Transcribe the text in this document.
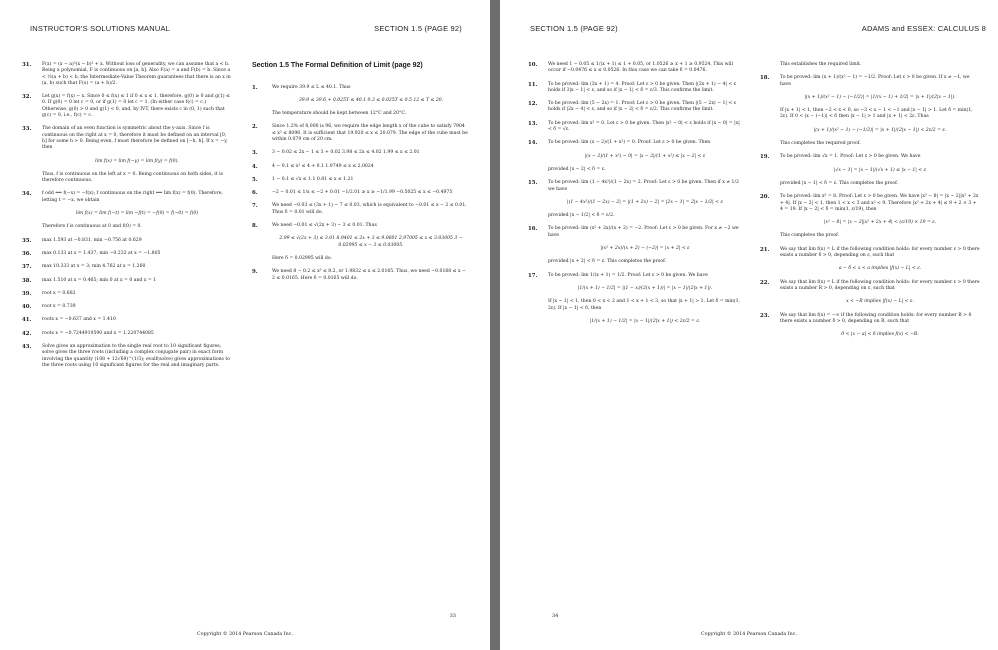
INSTRUCTOR'S SOLUTIONS MANUAL	SECTION 1.5 (PAGE 92)
31. F(x) = (x − a)²(x − b)² + x. Without loss of generality, we can assume that a < b. Being a polynomial, F is continuous on [a, b]. Also F(a) = a and F(b) = b. Since a < ½(a + b) < b, the Intermediate-Value Theorem guarantees that there is an x in (a, b) such that F(x) = (a + b)/2.
32. Let g(x) = f(x) − x. Since 0 ≤ f(x) ≤ 1 if 0 ≤ x ≤ 1, therefore, g(0) ≥ 0 and g(1) ≤ 0. If g(0) = 0 let c = 0, or if g(1) = 0 let c = 1. (In either case f(c) = c.) Otherwise, g(0) > 0 and g(1) < 0, and, by IVT, there exists c in (0, 1) such that g(c) = 0, i.e., f(c) = c.
33. The domain of an even function is symmetric about the y-axis. Since f is continuous on the right at x = 0, therefore it must be defined on an interval [0, h] for some h > 0. Being even, f must therefore be defined on [−h, h]. If x = −y, then
lim f(x) = lim f(−y) = lim f(y) = f(0).
Thus, f is continuous on the left at x = 0. Being continuous on both sides, it is therefore continuous.
34. f odd ⟺ f(−x) = −f(x); f continuous on the right ⟺ lim f(x) = f(0). Therefore, letting t = −x, we obtain
lim f(x) = lim f(−t) = lim −f(t) = −f(0) = f(−0) = f(0)
Therefore f is continuous at 0 and f(0) = 0.
35. max 1.593 at −0.831, min −0.756 at 0.629
36. max 0.133 at x = 1.437; min −0.232 at x = −1.805
37. max 10.333 at x = 3; min 4.762 at x = 1.260
38. max 1.510 at x = 0.465; min 0 at x = 0 and x = 1
39. root x = 0.682
40. root x = 0.739
41. roots x = −0.637 and x = 1.410
42. roots x = −0.7244919590 and x = 1.220744085
43. Solve gives an approximation to the single real root to 10 significant figures; solve gives the three roots (including a complex conjugate pair) in exact form involving the quantity (108 + 12√69)^(1/3); evalf(solve) gives approximations to the three roots using 10 significant figures for the real and imaginary parts.
Section 1.5 The Formal Definition of Limit (page 92)
1.	We require 39.9 ≤ L ≤ 40.1. Thus
39.9 ≤ 39.6 + 0.025T ≤ 40.1 0.3 ≤ 0.025T ≤ 0.5 12 ≤ T ≤ 20.
The temperature should be kept between 12°C and 20°C.
2.	Since 1.2% of 8,000 is 96, we require the edge length x of the cube to satisfy 7904 ≤ x³ ≤ 8096. It is sufficient that 19.920 ≤ x ≤ 20.079. The edge of the cube must be within 0.079 cm of 20 cm.
3.	3 − 0.02 ≤ 2x − 1 ≤ 3 + 0.02 3.98 ≤ 2x ≤ 4.02 1.99 ≤ x ≤ 2.01
4.	4 − 0.1 ≤ x² ≤ 4 + 0.1 1.9749 ≤ x ≤ 2.0024
5.	1 − 0.1 ≤ √x ≤ 1.1 0.81 ≤ x ≤ 1.21
6.	−2 − 0.01 ≤ 1/x ≤ −2 + 0.01 −1/2.01 ≥ x ≥ −1/1.99 −0.5025 ≤ x ≤ −0.4975
7.	We need −0.03 ≤ (3x + 1) − 7 ≤ 0.03, which is equivalent to −0.01 ≤ x − 2 ≤ 0.01. Thus δ = 0.01 will do.
8.	We need −0.01 ≤ √(2x + 3) − 3 ≤ 0.01. Thus
2.99 ≤ √(2x + 3) ≤ 3.01 8.9401 ≤ 2x + 3 ≤ 9.0601 2.97005 ≤ x ≤ 3.03005 3 − 0.02995 ≤ x − 3 ≤ 0.03005.
Here δ = 0.02995 will do.
9.	We need 8 − 0.2 ≤ x³ ≤ 8.2, or 1.9832 ≤ x ≤ 2.0165. Thus, we need −0.0168 ≤ x − 2 ≤ 0.0165. Here δ = 0.0165 will do.
33
Copyright © 2014 Pearson Canada Inc.
SECTION 1.5 (PAGE 92)	ADAMS and ESSEX: CALCULUS 8
10. We need 1 − 0.05 ≤ 1/(x + 1) ≤ 1 + 0.05, or 1.0526 ≥ x + 1 ≥ 0.9524. This will occur if −0.0476 ≤ x ≤ 0.0526. In this case we can take δ = 0.0476.
11. To be proved: lim (3x + 1) = 4. Proof: Let ε > 0 be given. Then |(3x + 1) − 4| < ε holds if 3|x − 1| < ε, and so if |x − 1| < δ = ε/3. This confirms the limit.
12. To be proved: lim (5 − 2x) = 1. Proof: Let ε > 0 be given. Then |(5 − 2x) − 1| < ε holds if |2x − 4| < ε, and so if |x − 2| < δ = ε/2. This confirms the limit.
13. To be proved: lim x² = 0. Let ε > 0 be given. Then |x² − 0| < ε holds if |x − 0| = |x| < δ = √ε.
14. To be proved: lim (x − 2)/(1 + x²) = 0. Proof: Let ε > 0 be given. Then
|(x − 2)/(1 + x²) − 0| = |x − 2|/(1 + x²) ≤ |x − 2| < ε
provided |x − 2| < δ = ε.
15. To be proved: lim (1 − 4x²)/(1 − 2x) = 2. Proof: Let ε > 0 be given. Then if x ≠ 1/2 we have
|(1 − 4x²)/(1 − 2x) − 2| = |(1 + 2x) − 2| = |2x − 1| = 2|x − 1/2| < ε
provided |x − 1/2| < δ = ε/2.
16. To be proved: lim (x² + 2x)/(x + 2) = −2. Proof: Let ε > 0 be given. For x ≠ −2 we have
|(x² + 2x)/(x + 2) − (−2)| = |x + 2| < ε
provided |x + 2| < δ = ε. This completes the proof.
17. To be proved: lim 1/(x + 1) = 1/2. Proof: Let ε > 0 be given. We have
|1/(x + 1) − 1/2| = |(1 − x)/(2(x + 1))| = |x − 1|/(2|x + 1|).
If |x − 1| < 1, then 0 < x < 2 and 1 < x + 1 < 3, so that |x + 1| > 1. Let δ = min(1, 2ε). If |x − 1| < δ, then
|1/(x + 1) − 1/2| = |x − 1|/(2|x + 1|) < 2ε/2 = ε.
This establishes the required limit.
18. To be proved: lim (x + 1)/(x² − 1) = −1/2. Proof: Let ε > 0 be given. If x ≠ −1, we have
|(x + 1)/(x² − 1) − (−1/2)| = |1/(x − 1) + 1/2| = |x + 1|/(2|x − 1|).
If |x + 1| < 1, then −2 < x < 0, so −3 < x − 1 < −1 and |x − 1| > 1. Let δ = min(1, 2ε). If 0 < |x − (−1)| < δ then |x − 1| > 1 and |x + 1| < 2ε. Thus
|(x + 1)/(x² − 1) − (−1/2)| = |x + 1|/(2|x − 1|) < 2ε/2 = ε.
This completes the required proof.
19. To be proved: lim √x = 1. Proof: Let ε > 0 be given. We have
|√x − 1| = |x − 1|/(√x + 1) ≤ |x − 1| < ε
provided |x − 1| < δ = ε. This completes the proof.
20. To be proved: lim x³ = 8. Proof: Let ε > 0 be given. We have |x³ − 8| = |x − 2||x² + 2x + 4|. If |x − 2| < 1, then 1 < x < 3 and x² < 9. Therefore |x² + 2x + 4| ≤ 9 + 2 × 3 + 4 = 19. If |x − 2| < δ = min(1, ε/19), then
|x³ − 8| = |x − 2||x² + 2x + 4| < (ε/19) × 19 = ε.
This completes the proof.
21. We say that lim f(x) = L if the following condition holds: for every number ε > 0 there exists a number δ > 0, depending on ε, such that
a − δ < x < a implies |f(x) − L| < ε.
22. We say that lim f(x) = L if the following condition holds: for every number ε > 0 there exists a number R > 0, depending on ε, such that
x < −R implies |f(x) − L| < ε.
23. We say that lim f(x) = −∞ if the following condition holds: for every number B > 0 there exists a number δ > 0, depending on B, such that
0 < |x − a| < δ implies f(x) < −B.
34
Copyright © 2014 Pearson Canada Inc.
